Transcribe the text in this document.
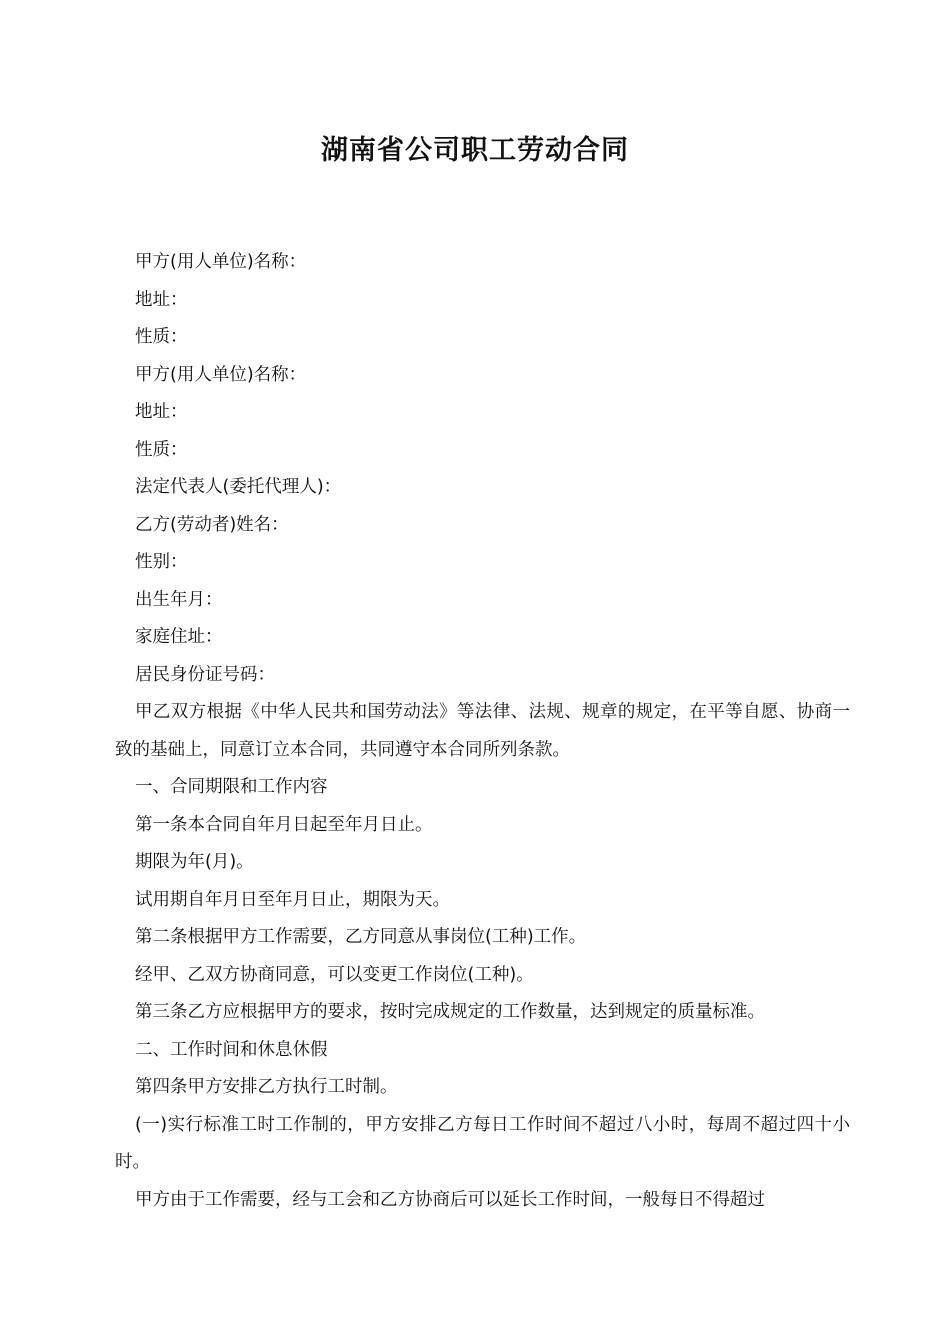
湖南省公司职工劳动合同

甲方(用人单位)名称：

地址：

性质：

甲方(用人单位)名称：

地址：

性质：

法定代表人(委托代理人)：

乙方(劳动者)姓名：

性别：

出生年月：

家庭住址：

居民身份证号码：

甲乙双方根据《中华人民共和国劳动法》等法律、法规、规章的规定，在平等自愿、协商一致的基础上，同意订立本合同，共同遵守本合同所列条款。

一、合同期限和工作内容

第一条本合同自年月日起至年月日止。

期限为年(月)。

试用期自年月日至年月日止，期限为天。

第二条根据甲方工作需要，乙方同意从事岗位(工种)工作。

经甲、乙双方协商同意，可以变更工作岗位(工种)。

第三条乙方应根据甲方的要求，按时完成规定的工作数量，达到规定的质量标准。

二、工作时间和休息休假

第四条甲方安排乙方执行工时制。

(一)实行标准工时工作制的，甲方安排乙方每日工作时间不超过八小时，每周不超过四十小时。

甲方由于工作需要，经与工会和乙方协商后可以延长工作时间，一般每日不得超过
